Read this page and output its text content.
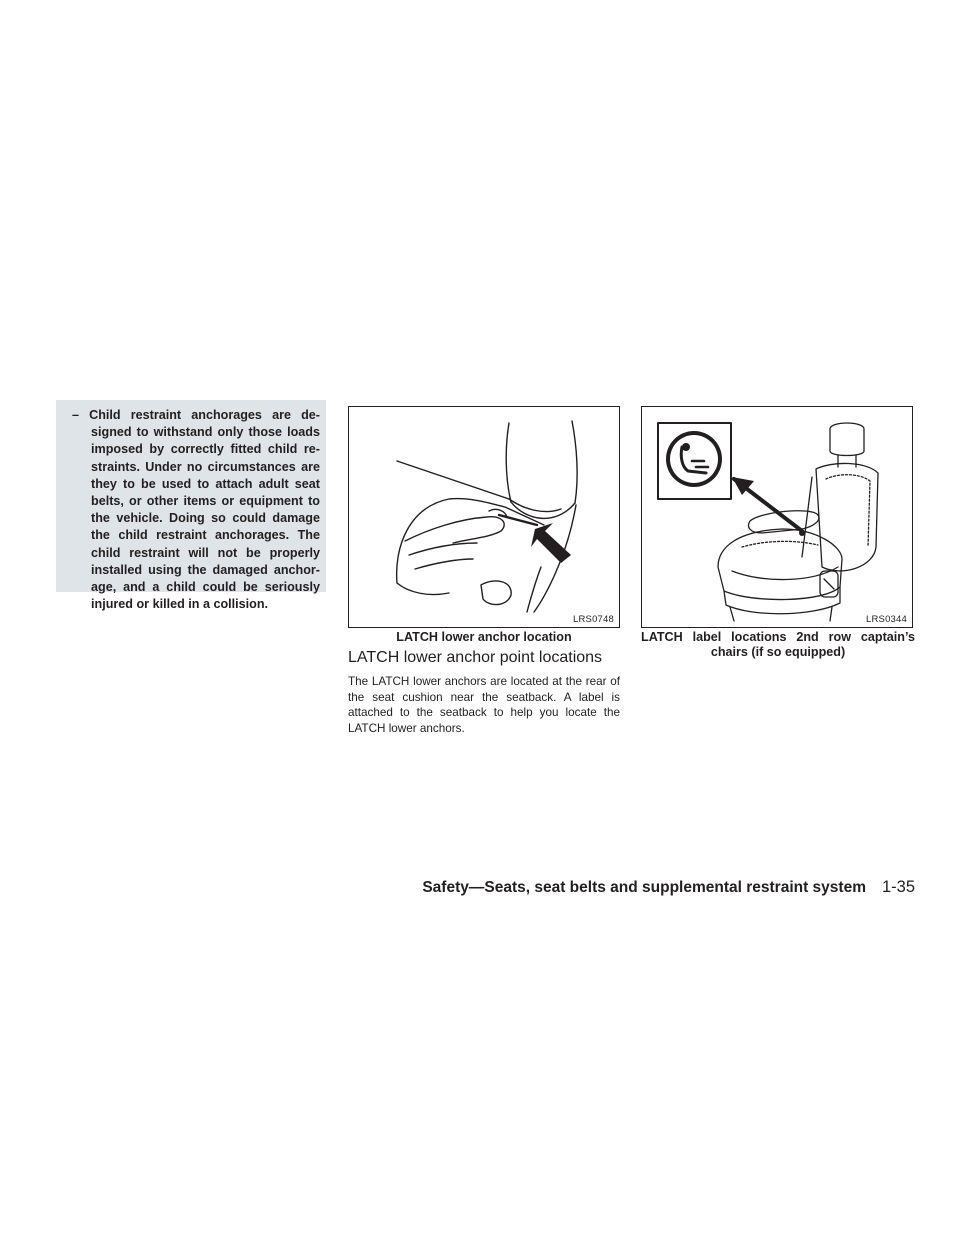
– Child restraint anchorages are de- signed to withstand only those loads imposed by correctly fitted child re- straints. Under no circumstances are they to be used to attach adult seat belts, or other items or equipment to the vehicle. Doing so could damage the child restraint anchorages. The child restraint will not be properly installed using the damaged anchor- age, and a child could be seriously injured or killed in a collision.

LRS0748	LRS0344

LATCH lower anchor location	LATCH label locations 2nd row captain’s chairs (if so equipped)

LATCH lower anchor point locations

The LATCH lower anchors are located at the rear of the seat cushion near the seatback. A label is attached to the seatback to help you locate the LATCH lower anchors.

Safety—Seats, seat belts and supplemental restraint system 1-35
